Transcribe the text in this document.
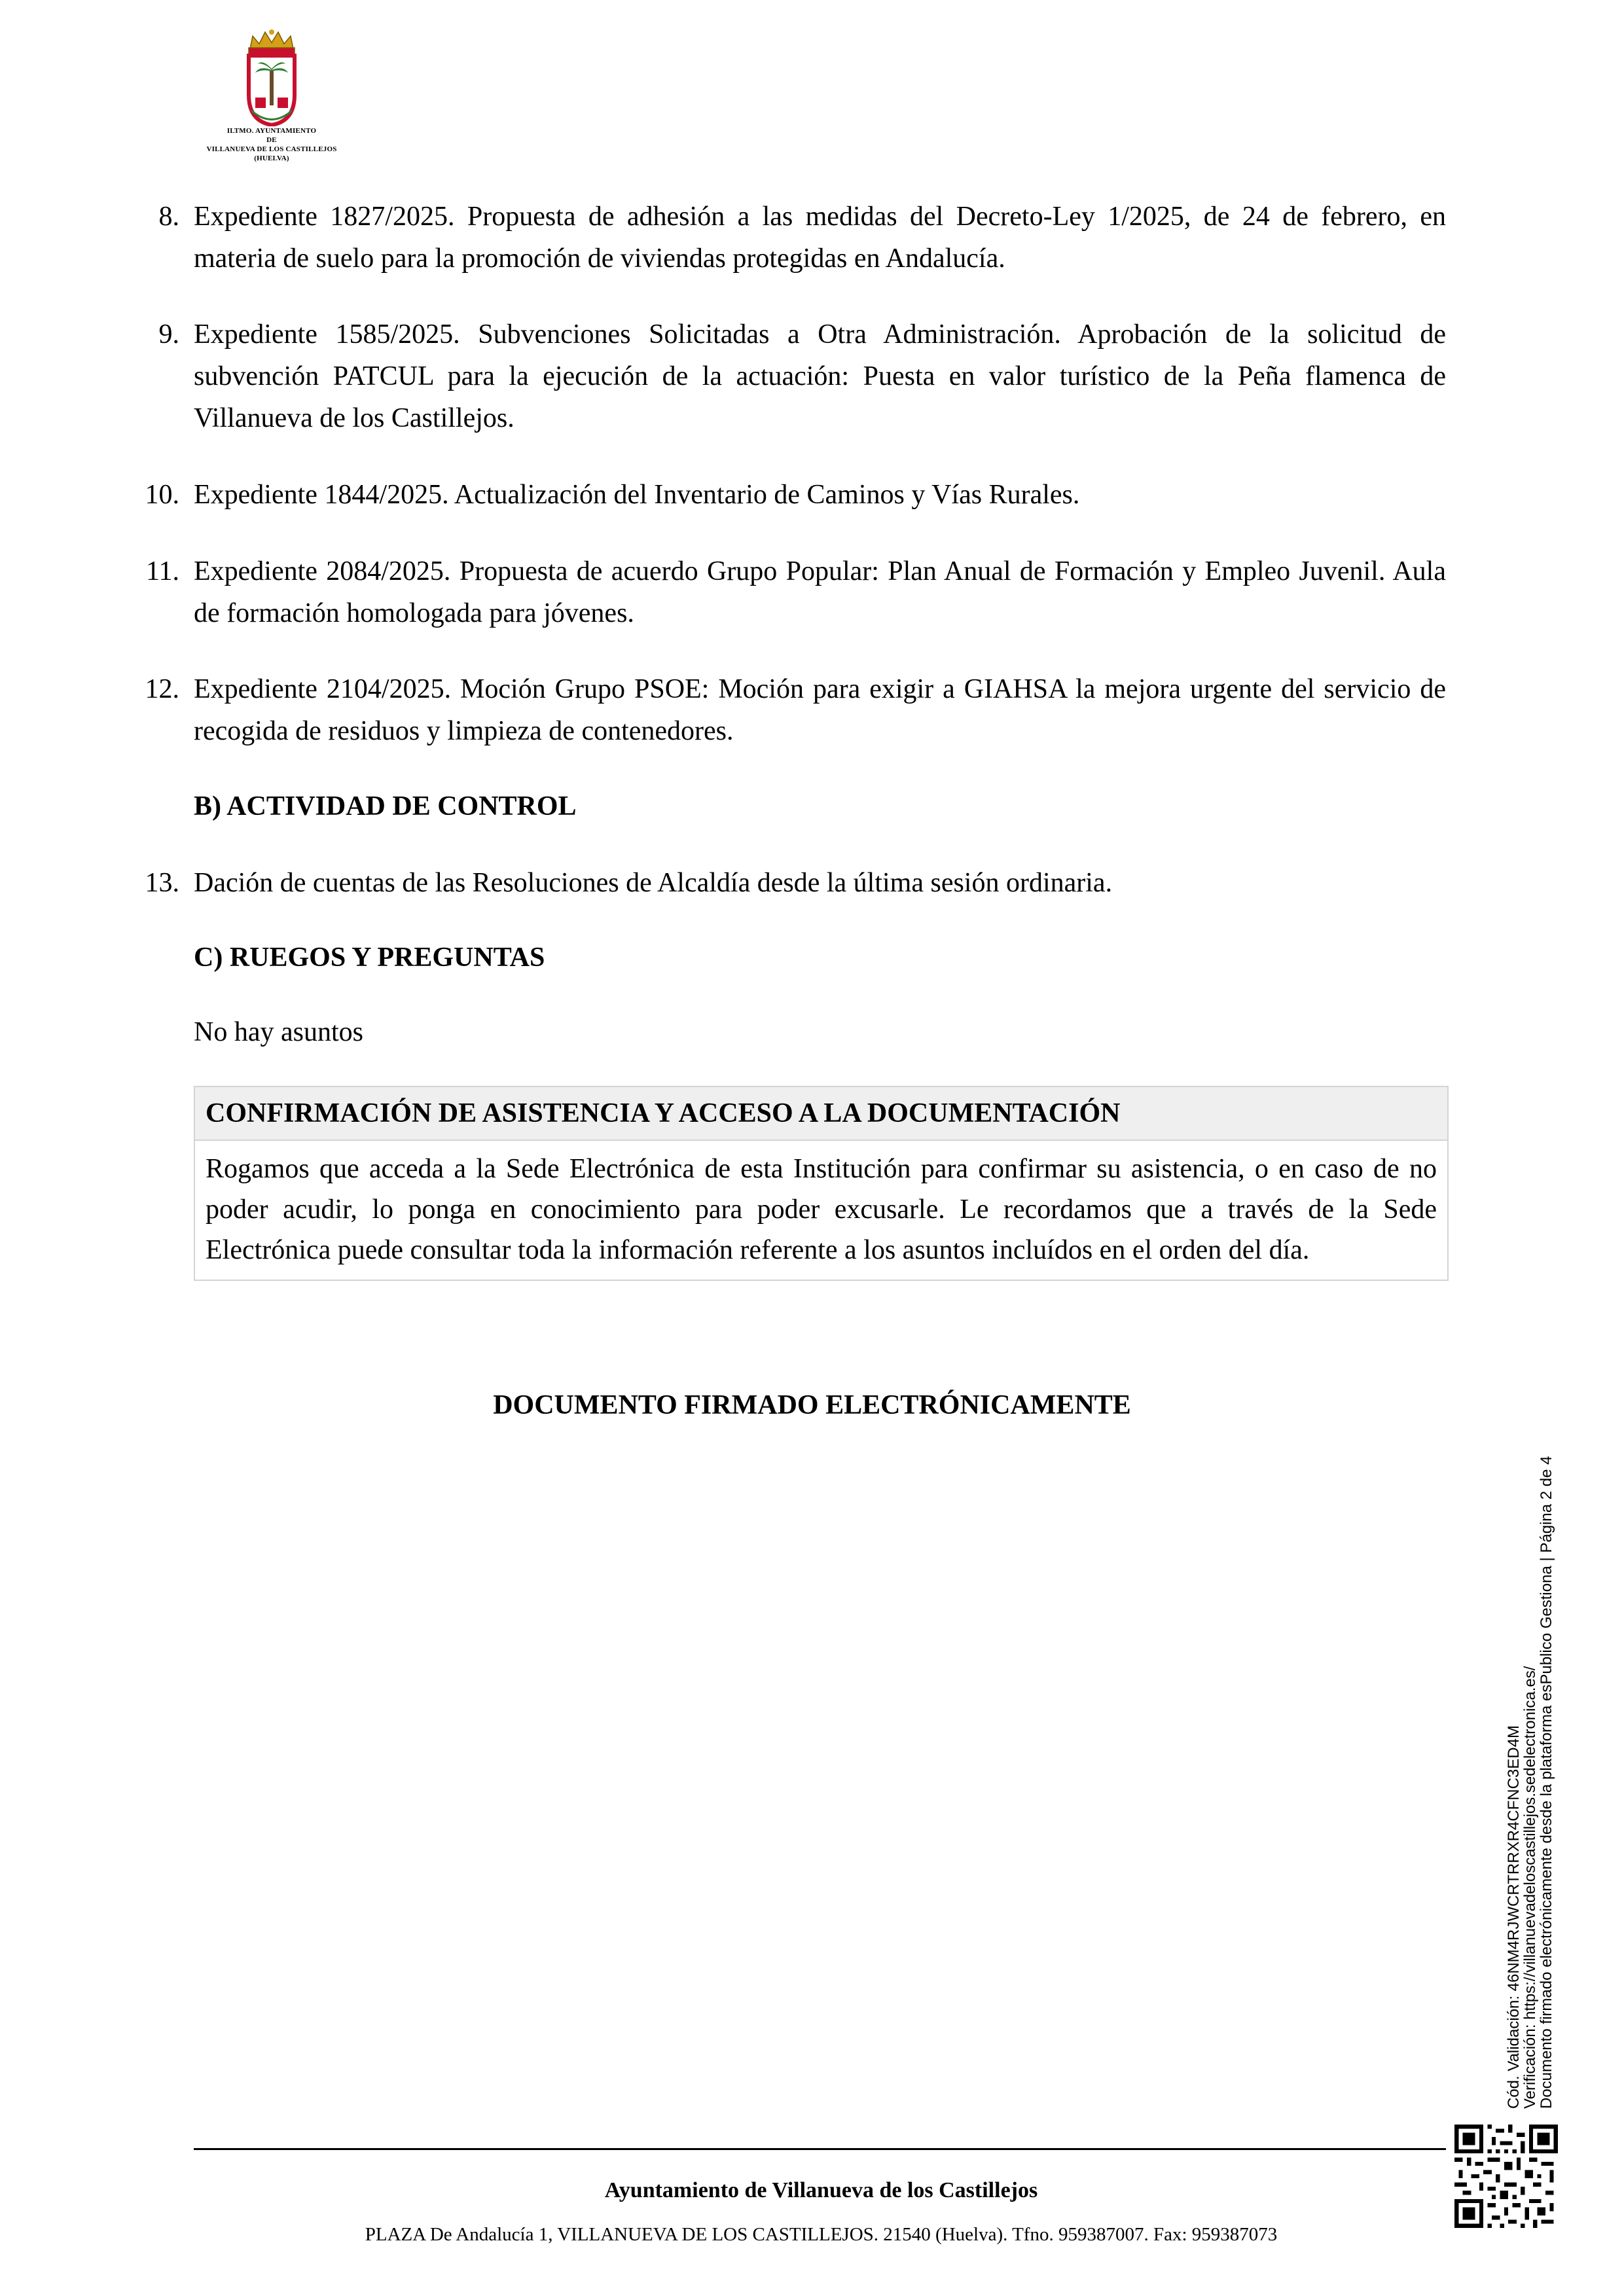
ILTMO. AYUNTAMIENTO
DE
VILLANUEVA DE LOS CASTILLEJOS
(HUELVA)
8. Expediente 1827/2025. Propuesta de adhesión a las medidas del Decreto-Ley 1/2025, de 24 de febrero, en materia de suelo para la promoción de viviendas protegidas en Andalucía.
9. Expediente 1585/2025. Subvenciones Solicitadas a Otra Administración. Aprobación de la solicitud de subvención PATCUL para la ejecución de la actuación: Puesta en valor turístico de la Peña flamenca de Villanueva de los Castillejos.
10. Expediente 1844/2025. Actualización del Inventario de Caminos y Vías Rurales.
11. Expediente 2084/2025. Propuesta de acuerdo Grupo Popular: Plan Anual de Formación y Empleo Juvenil. Aula de formación homologada para jóvenes.
12. Expediente 2104/2025. Moción Grupo PSOE: Moción para exigir a GIAHSA la mejora urgente del servicio de recogida de residuos y limpieza de contenedores.
B) ACTIVIDAD DE CONTROL
13. Dación de cuentas de las Resoluciones de Alcaldía desde la última sesión ordinaria.
C) RUEGOS Y PREGUNTAS
No hay asuntos
CONFIRMACIÓN DE ASISTENCIA Y ACCESO A LA DOCUMENTACIÓN
Rogamos que acceda a la Sede Electrónica de esta Institución para confirmar su asistencia, o en caso de no poder acudir, lo ponga en conocimiento para poder excusarle. Le recordamos que a través de la Sede Electrónica puede consultar toda la información referente a los asuntos incluídos en el orden del día.
DOCUMENTO FIRMADO ELECTRÓNICAMENTE
Cód. Validación: 46NM4RJWCRTRRXR4CFNC3ED4M
Verificación: https://villanuevadeloscastillejos.sedelectronica.es/
Documento firmado electrónicamente desde la plataforma esPublico Gestiona | Página 2 de 4
Ayuntamiento de Villanueva de los Castillejos
PLAZA De Andalucía 1, VILLANUEVA DE LOS CASTILLEJOS. 21540 (Huelva). Tfno. 959387007. Fax: 959387073
